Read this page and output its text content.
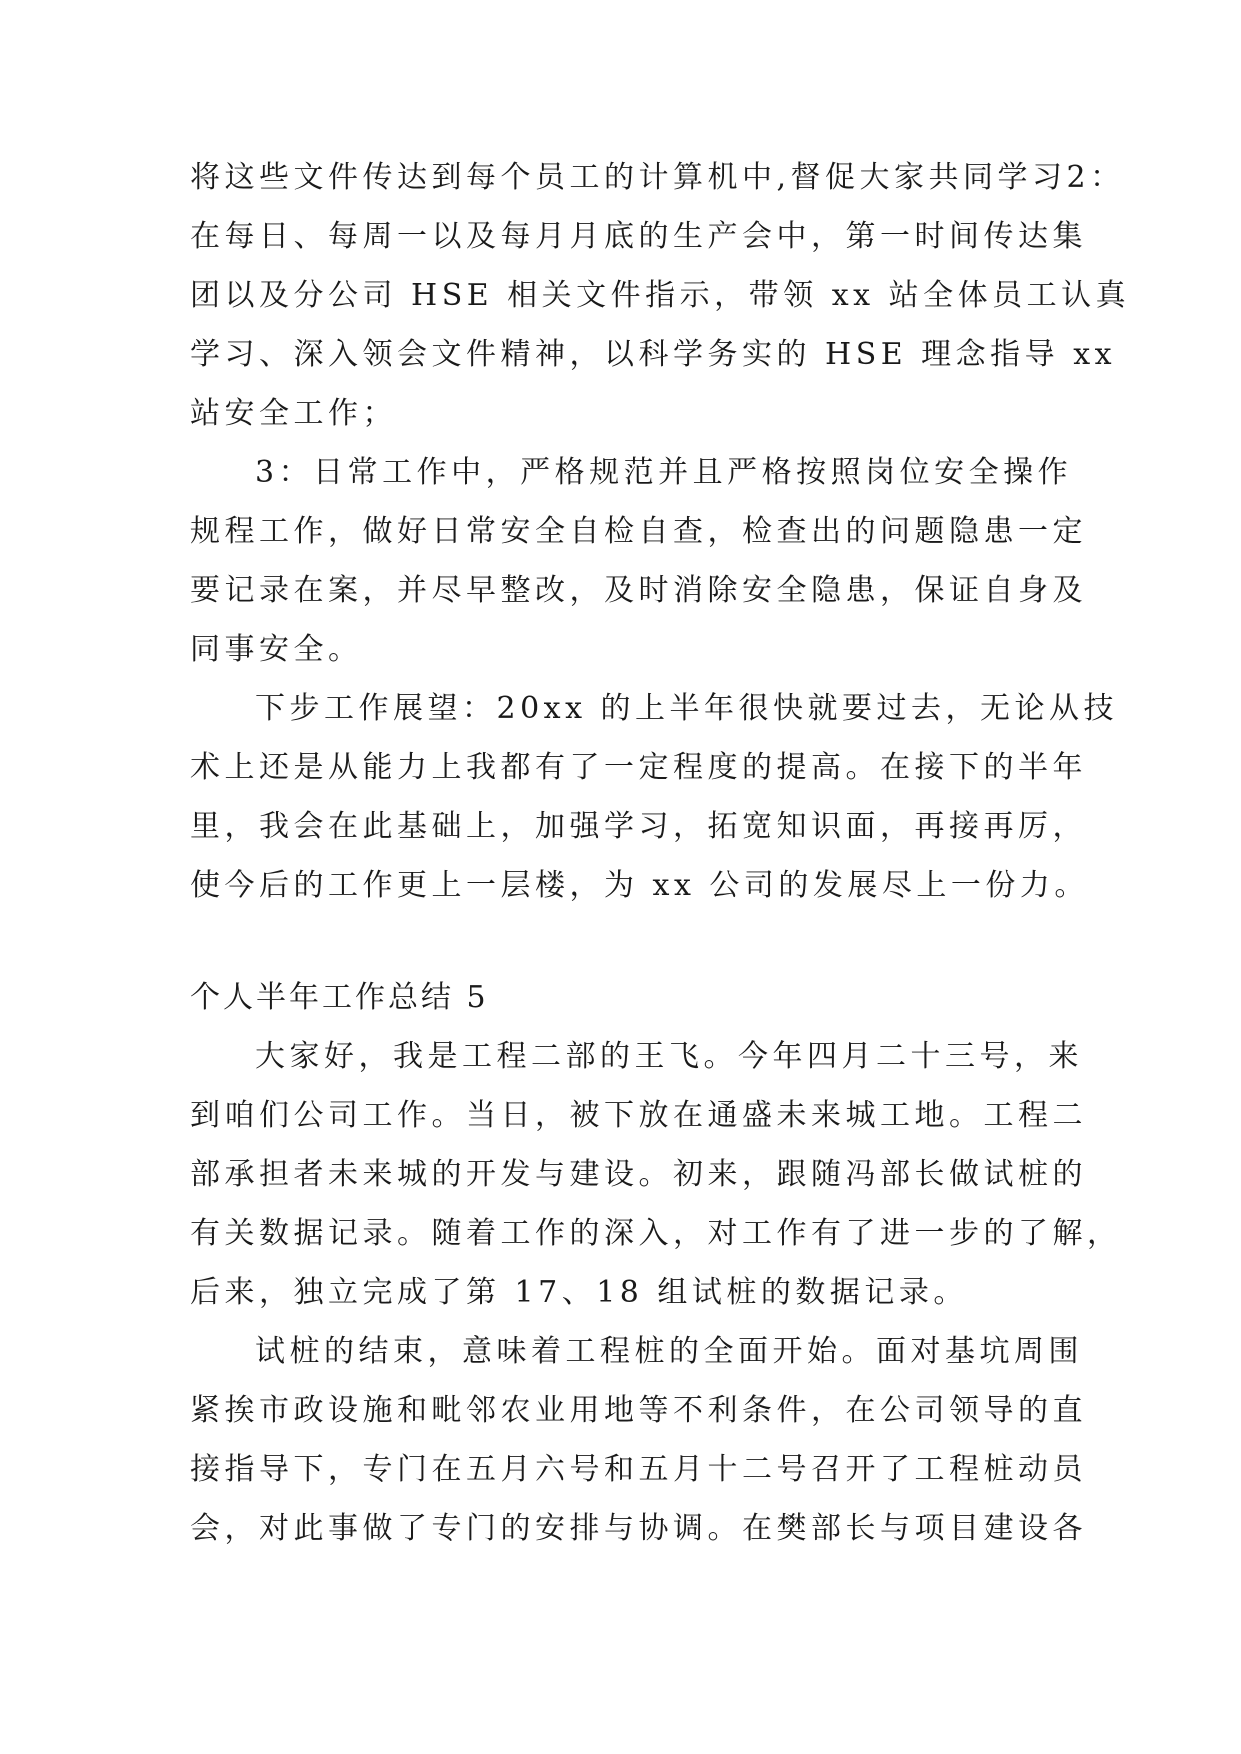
将这些文件传达到每个员工的计算机中,督促大家共同学习2：
在每日、每周一以及每月月底的生产会中，第一时间传达集
团以及分公司 HSE 相关文件指示，带领 xx 站全体员工认真
学习、深入领会文件精神，以科学务实的 HSE 理念指导 xx
站安全工作；
3：日常工作中，严格规范并且严格按照岗位安全操作
规程工作，做好日常安全自检自查，检查出的问题隐患一定
要记录在案，并尽早整改，及时消除安全隐患，保证自身及
同事安全。
下步工作展望：20xx 的上半年很快就要过去，无论从技
术上还是从能力上我都有了一定程度的提高。在接下的半年
里，我会在此基础上，加强学习，拓宽知识面，再接再厉，
使今后的工作更上一层楼，为 xx 公司的发展尽上一份力。
个人半年工作总结 5
大家好，我是工程二部的王飞。今年四月二十三号，来
到咱们公司工作。当日，被下放在通盛未来城工地。工程二
部承担者未来城的开发与建设。初来，跟随冯部长做试桩的
有关数据记录。随着工作的深入，对工作有了进一步的了解，
后来，独立完成了第 17、18 组试桩的数据记录。
试桩的结束，意味着工程桩的全面开始。面对基坑周围
紧挨市政设施和毗邻农业用地等不利条件，在公司领导的直
接指导下，专门在五月六号和五月十二号召开了工程桩动员
会，对此事做了专门的安排与协调。在樊部长与项目建设各
